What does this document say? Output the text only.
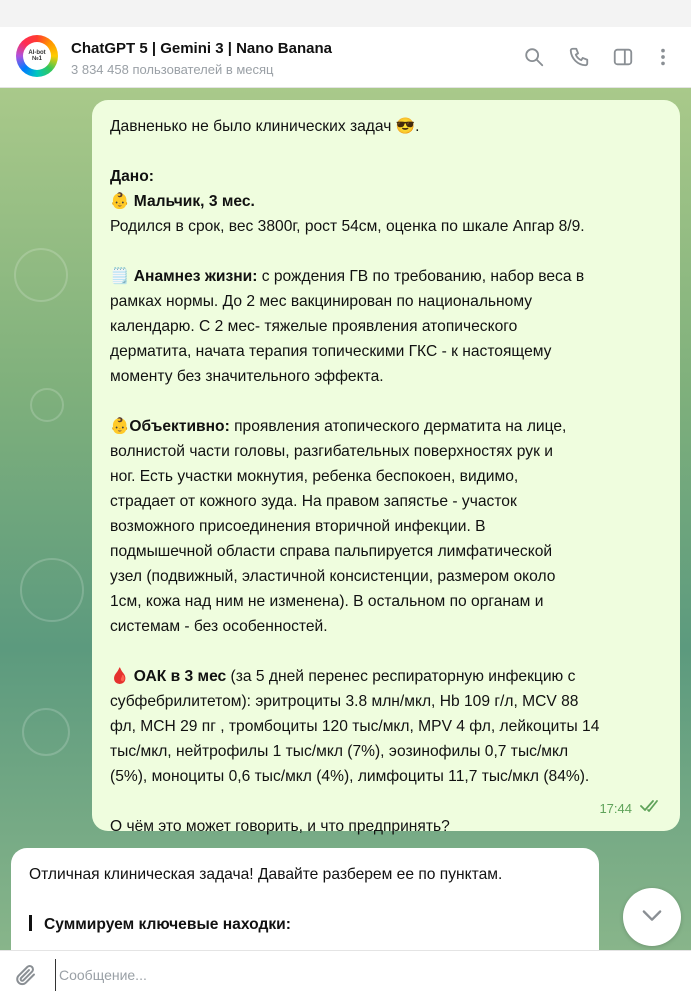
AI-bot №1
ChatGPT 5 | Gemini 3 | Nano Banana
3 834 458 пользователей в месяц
Давненько не было клинических задач 😎.
Дано:
👶 Мальчик, 3 мес.
Родился в срок, вес 3800г, рост 54см, оценка по шкале Апгар 8/9.
🗒️ Анамнез жизни: с рождения ГВ по требованию, набор веса в
рамках нормы. До 2 мес вакцинирован по национальному
календарю. С 2 мес- тяжелые проявления атопического
дерматита, начата терапия топическими ГКС - к настоящему
моменту без значительного эффекта.
👶Объективно: проявления атопического дерматита на лице,
волнистой части головы, разгибательных поверхностях рук и
ног. Есть участки мокнутия, ребенка беспокоен, видимо,
страдает от кожного зуда. На правом запястье - участок
возможного присоединения вторичной инфекции. В
подмышечной области справа пальпируется лимфатической
узел (подвижный, эластичной консистенции, размером около
1см, кожа над ним не изменена). В остальном по органам и
системам - без особенностей.
🩸 ОАК в 3 мес (за 5 дней перенес респираторную инфекцию с
субфебрилитетом): эритроциты 3.8 млн/мкл, Hb 109 г/л, MCV 88
фл, MCH 29 пг , тромбоциты 120 тыс/мкл, MPV 4 фл, лейкоциты 14
тыс/мкл, нейтрофилы 1 тыс/мкл (7%), эозинофилы 0,7 тыс/мкл
(5%), моноциты 0,6 тыс/мкл (4%), лимфоциты 11,7 тыс/мкл (84%).
О чём это может говорить, и что предпринять?
17:44
Отличная клиническая задача! Давайте разберем ее по пунктам.
Суммируем ключевые находки:
Сообщение...
